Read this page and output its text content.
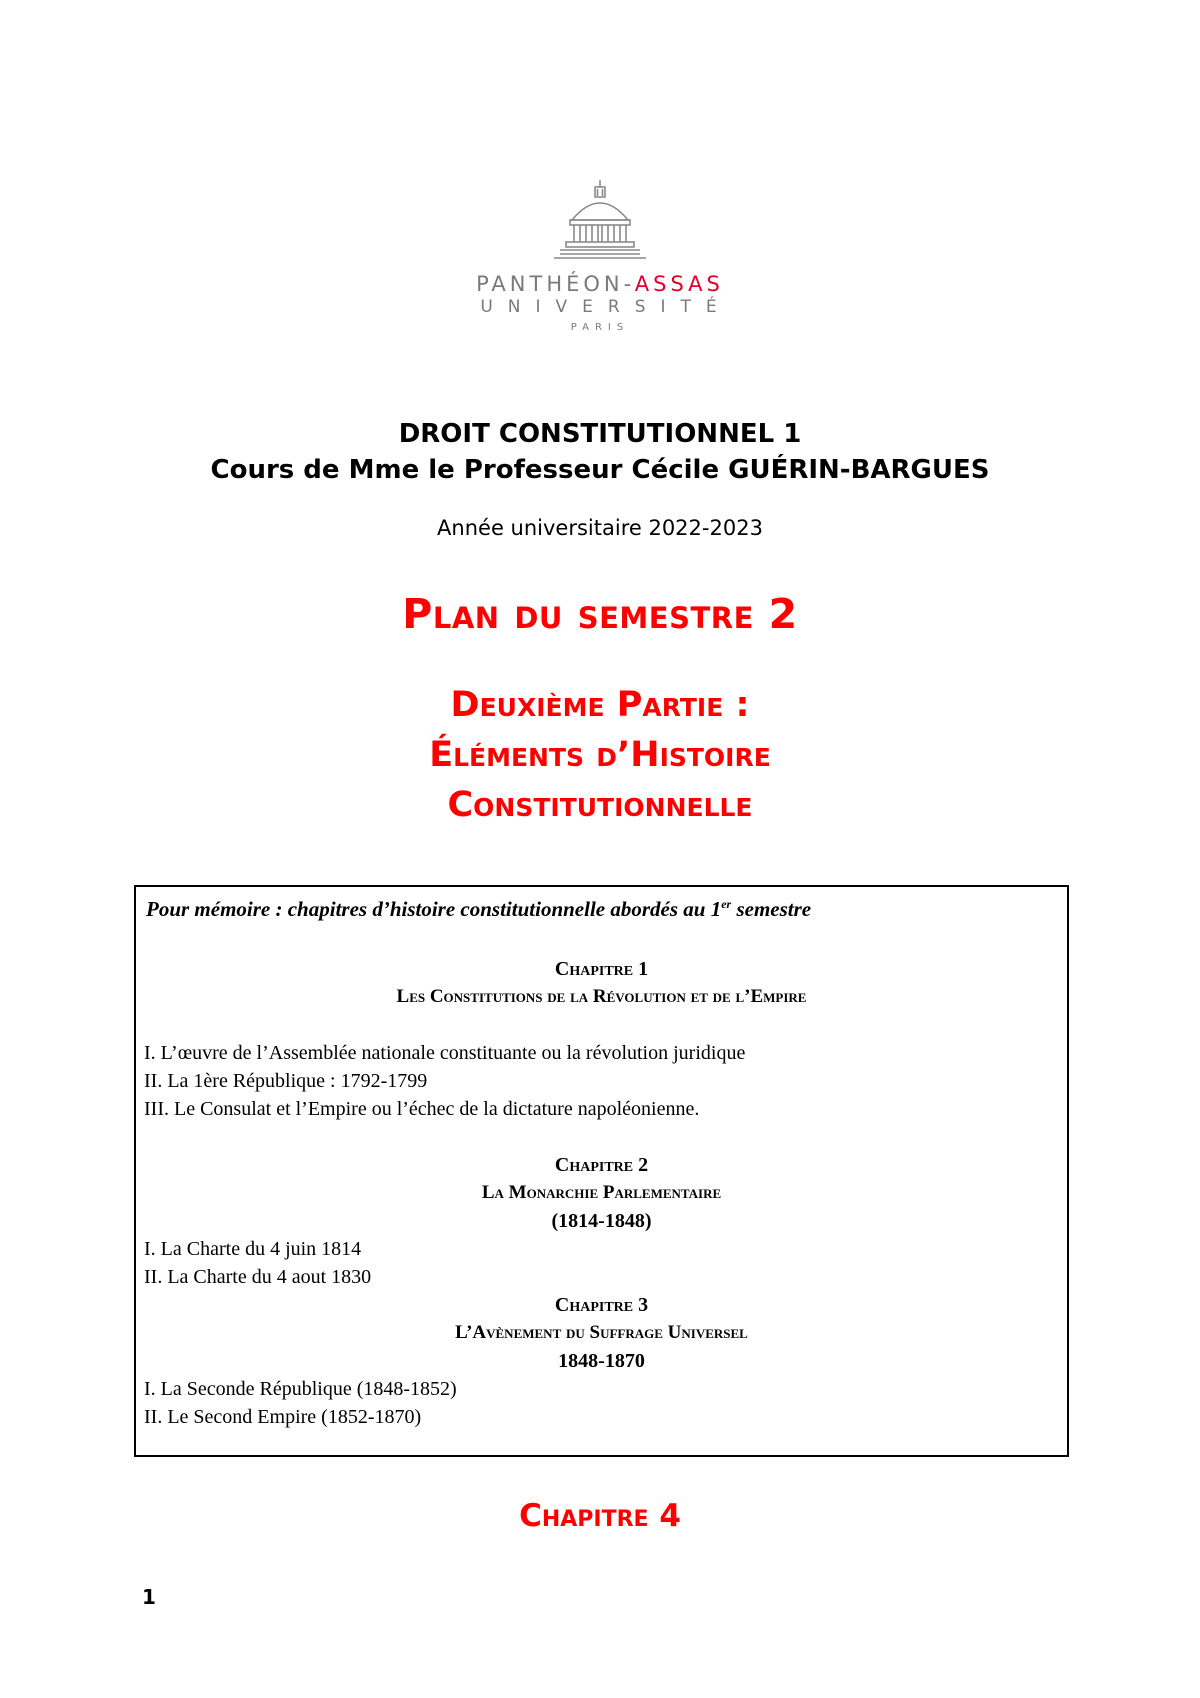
PANTHÉON-ASSAS
UNIVERSITÉ
PARIS
DROIT CONSTITUTIONNEL 1
Cours de Mme le Professeur Cécile GUÉRIN-BARGUES
Année universitaire 2022-2023
Plan du semestre 2
Deuxième Partie :
Éléments d’Histoire
Constitutionnelle
Pour mémoire : chapitres d’histoire constitutionnelle abordés au 1er semestre
Chapitre 1
Les Constitutions de la Révolution et de l’Empire
I. L’œuvre de l’Assemblée nationale constituante ou la révolution juridique
II. La 1ère République : 1792-1799
III. Le Consulat et l’Empire ou l’échec de la dictature napoléonienne.
Chapitre 2
La Monarchie Parlementaire
(1814-1848)
I. La Charte du 4 juin 1814
II. La Charte du 4 aout 1830
Chapitre 3
L’Avènement du Suffrage Universel
1848-1870
I. La Seconde République (1848-1852)
II. Le Second Empire (1852-1870)
Chapitre 4
1
